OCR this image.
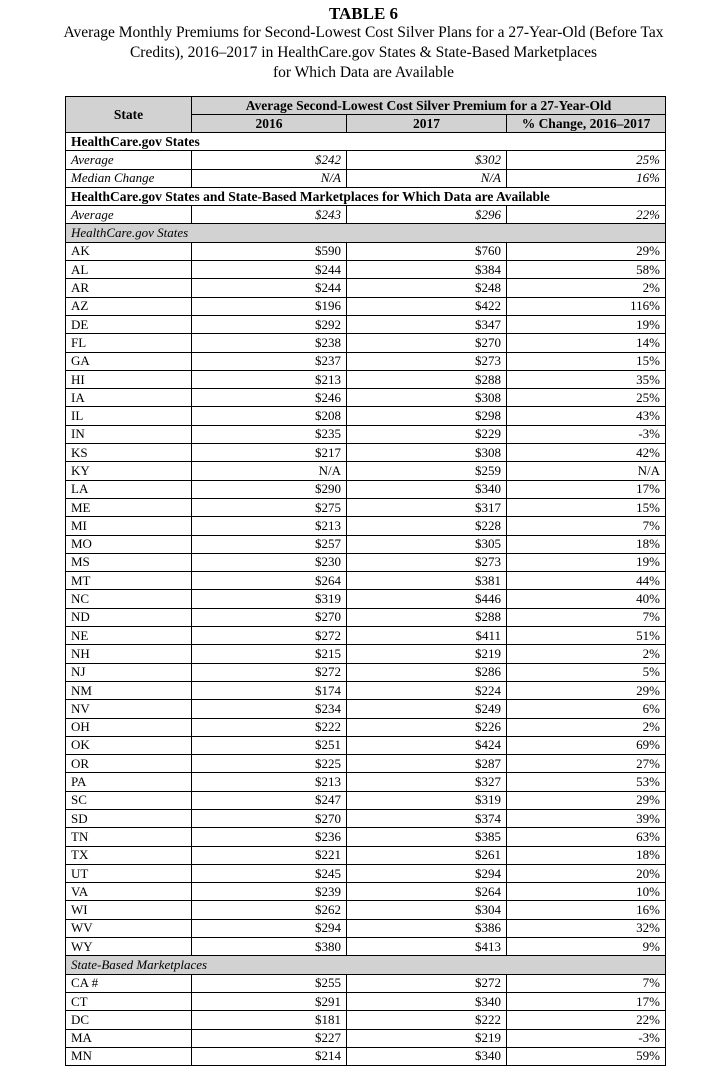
TABLE 6
Average Monthly Premiums for Second-Lowest Cost Silver Plans for a 27-Year-Old (Before Tax
Credits), 2016–2017 in HealthCare.gov States & State-Based Marketplaces
for Which Data are Available
State	Average Second-Lowest Cost Silver Premium for a 27-Year-Old		
	2016	2017	% Change, 2016–2017
HealthCare.gov States			
Average	$242	$302	25%
Median Change	N/A	N/A	16%
HealthCare.gov States and State-Based Marketplaces for Which Data are Available			
Average	$243	$296	22%
HealthCare.gov States			
AK	$590	$760	29%
AL	$244	$384	58%
AR	$244	$248	2%
AZ	$196	$422	116%
DE	$292	$347	19%
FL	$238	$270	14%
GA	$237	$273	15%
HI	$213	$288	35%
IA	$246	$308	25%
IL	$208	$298	43%
IN	$235	$229	-3%
KS	$217	$308	42%
KY	N/A	$259	N/A
LA	$290	$340	17%
ME	$275	$317	15%
MI	$213	$228	7%
MO	$257	$305	18%
MS	$230	$273	19%
MT	$264	$381	44%
NC	$319	$446	40%
ND	$270	$288	7%
NE	$272	$411	51%
NH	$215	$219	2%
NJ	$272	$286	5%
NM	$174	$224	29%
NV	$234	$249	6%
OH	$222	$226	2%
OK	$251	$424	69%
OR	$225	$287	27%
PA	$213	$327	53%
SC	$247	$319	29%
SD	$270	$374	39%
TN	$236	$385	63%
TX	$221	$261	18%
UT	$245	$294	20%
VA	$239	$264	10%
WI	$262	$304	16%
WV	$294	$386	32%
WY	$380	$413	9%
State-Based Marketplaces			
CA #	$255	$272	7%
CT	$291	$340	17%
DC	$181	$222	22%
MA	$227	$219	-3%
MN	$214	$340	59%
